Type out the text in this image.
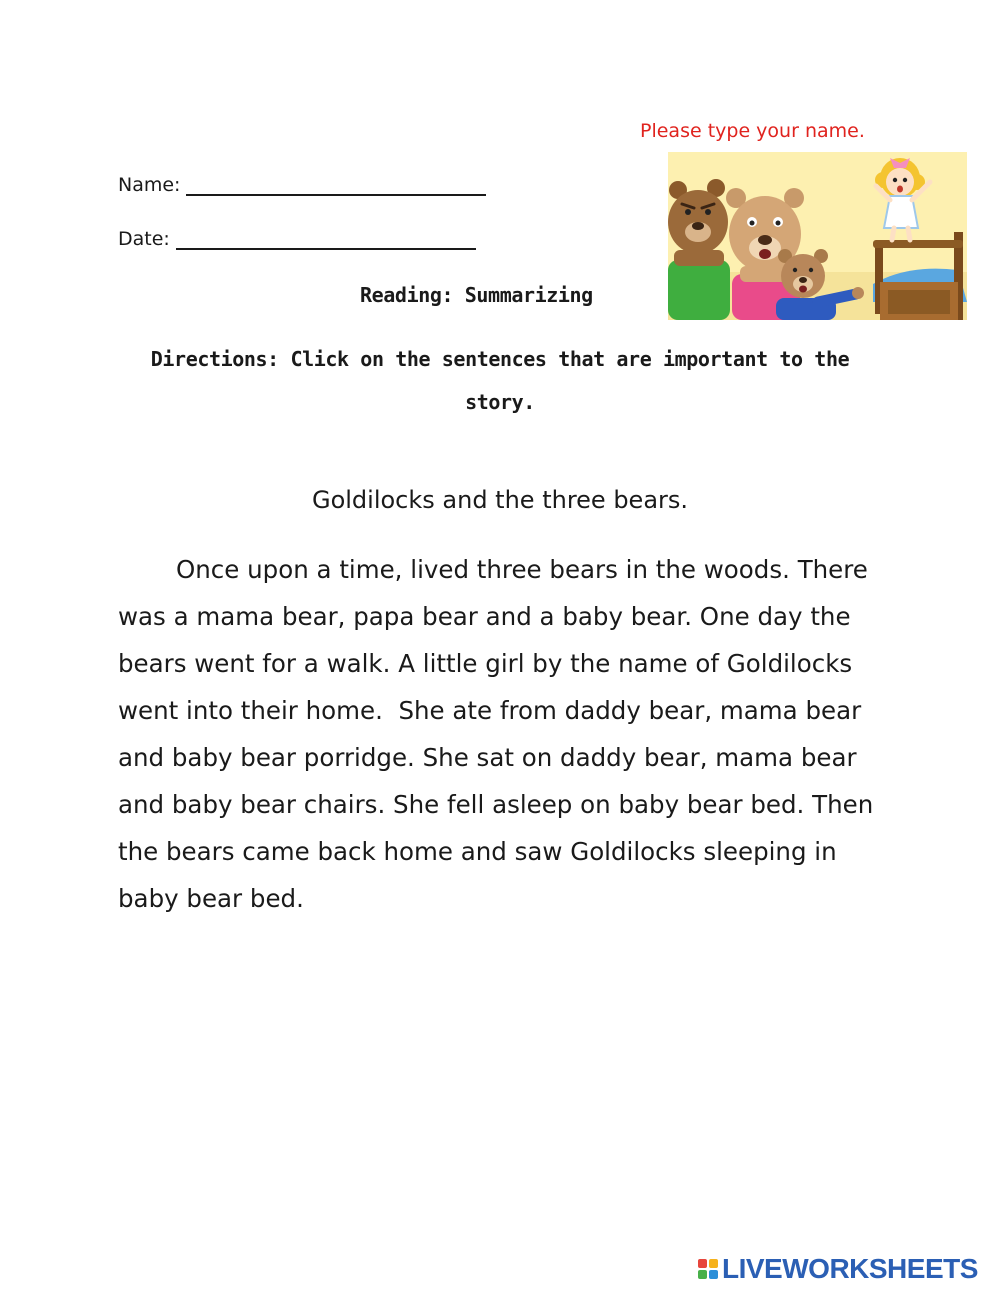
Please type your name.
Name:
Date:
Reading: Summarizing
Directions: Click on the sentences that are important to the story.
Goldilocks and the three bears.
Once upon a time, lived three bears in the woods. There was a mama bear, papa bear and a baby bear. One day the bears went for a walk. A little girl by the name of Goldilocks went into their home. She ate from daddy bear, mama bear and baby bear porridge. She sat on daddy bear, mama bear and baby bear chairs. She fell asleep on baby bear bed. Then the bears came back home and saw Goldilocks sleeping in baby bear bed.
LIVEWORKSHEETS
